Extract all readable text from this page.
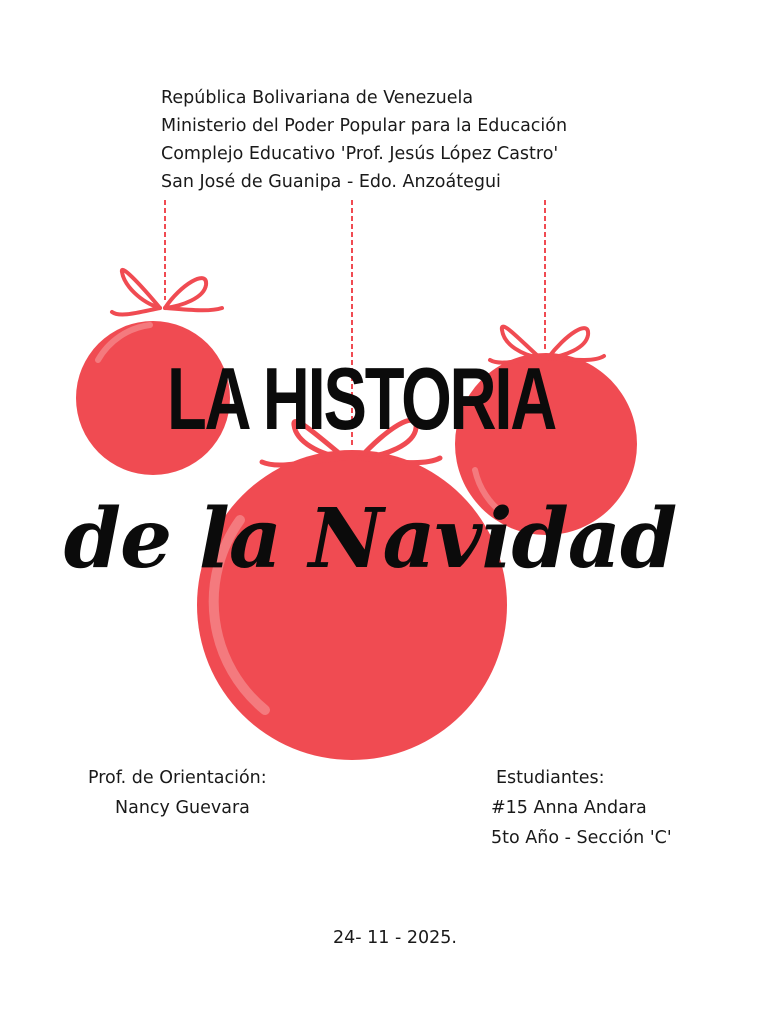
República Bolivariana de Venezuela
Ministerio del Poder Popular para la Educación
Complejo Educativo 'Prof. Jesús López Castro'
San José de Guanipa - Edo. Anzoátegui
LA HISTORIA
de la Navidad
Prof. de Orientación:
Nancy Guevara
Estudiantes:
#15 Anna Andara
5to Año - Sección 'C'
24- 11 - 2025.
